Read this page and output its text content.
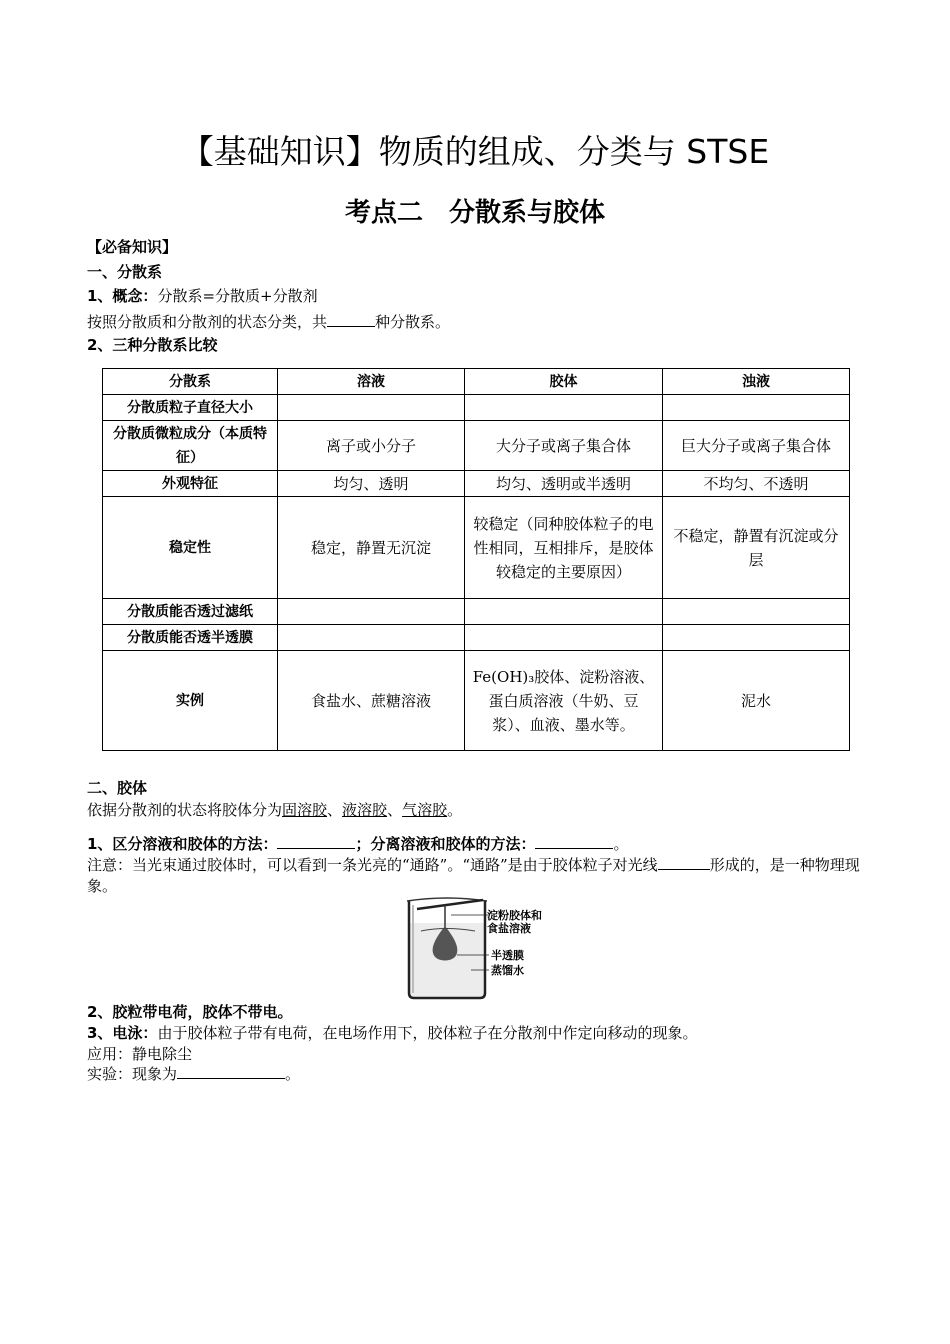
【基础知识】物质的组成、分类与 STSE
考点二　分散系与胶体
【必备知识】
一、分散系
1、概念：分散系=分散质+分散剂
按照分散质和分散剂的状态分类，共	种分散系。
2、三种分散系比较
分散系	溶液	胶体	浊液
分散质粒子直径大小			
分散质微粒成分（本质特征）	离子或小分子	大分子或离子集合体	巨大分子或离子集合体
外观特征	均匀、透明	均匀、透明或半透明	不均匀、不透明
稳定性	稳定，静置无沉淀	较稳定（同种胶体粒子的电性相同，互相排斥，是胶体较稳定的主要原因）	不稳定，静置有沉淀或分层
分散质能否透过滤纸			
分散质能否透半透膜			
实例	食盐水、蔗糖溶液	Fe(OH)₃胶体、淀粉溶液、蛋白质溶液（牛奶、豆浆）、血液、墨水等。	泥水
二、胶体
依据分散剂的状态将胶体分为固溶胶、液溶胶、气溶胶。
1、区分溶液和胶体的方法：	；分离溶液和胶体的方法：	。
注意：当光束通过胶体时，可以看到一条光亮的“通路”。“通路”是由于胶体粒子对光线	形成的，是一种物理现象。
淀粉胶体和
食盐溶液
半透膜
蒸馏水
2、胶粒带电荷，胶体不带电。
3、电泳：由于胶体粒子带有电荷，在电场作用下，胶体粒子在分散剂中作定向移动的现象。
应用：静电除尘
实验：现象为	。
